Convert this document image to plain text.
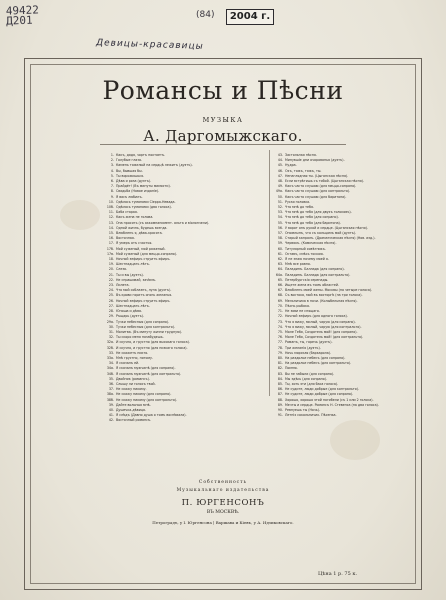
49422
Д201	(84)	2004 г.
Девицы-красавицы
Романсы и Пѣсни
МУЗЫКА
А. Даргомыжскаго.
1. Какъ, дядя, чортъ ноктаетъ.
2. Голубые глаза.
3. Камень тяжелый на сердцѣ лежитъ (дуэтъ).
4. Вы, бывшая бы.
5. Ты ворожишься.
6. Дѣва и роза (дуэтъ).
7. Прайдёт! (Въ минуты мимости).
8. Свадьба (Новое изданіе).
9. Я васъ любилъ.
10. Одѣлась туманами Сіерра-Невада.
10б. Одѣлась туманами (два голоса).
11. Баба старая.
12. Какъ жена не голова.
13. Она просить (съ аккомпанимент. альта и віолончели).
14. Одной жизнь, будешь всегда.
15. Влюбленъ я, дѣва-красота.
16. Восточная.
17. Я умеръ отъ счастья.
17б. Мой суженый, мой ряженый.
17в. Мой суженый (для меццо-сопрано).
18. Ночной зефиръ струитъ эфиръ.
19. Шестнадцать лѣтъ.
20. Слеза.
21. Ты и вы (дуэтъ).
22. Не спрашивай, зачѣмъ.
23. Лилета.
24. Что мой соблазнъ, луна (дуэтъ).
25. Въ крови горитъ огонь желанья.
26. Ночной зефиръ струитъ эфиръ.
27. Шестнадцать лѣтъ.
28. Юноша и дѣва.
29. Ръщарь (дуэтъ).
29а. Тучки небесныя (для сопрано).
30. Тучки небесныя (для контральто).
31. Молитва. (Въ минуту жизни трудную).
32. Ты скоро меня позабудешь.
32а. И скучно, и грустно (для высокаго голоса).
32б. И скучно, и грустно (для низкаго голоса).
33. Не скажетъ никто.
33а. Мнѣ грустно, потому.
34. Я сказалъ ей.
34а. Я сказалъ мужчинѣ (для сопрано).
34б. Я сказалъ мужчинѣ (для контральто).
35. Двойник (романсъ).
36. Слышу ли голосъ твой.
37. Не скажу никому.
38а. Не скажу никому (для сопрано).
38б. Не скажу никому (для контральто).
39. Дайте вольныя мнѣ.
40. Душечка-дѣвица.
41. Я слѣдъ (Давно душа о томъ воспѣвала).
42. Восточный романсъ.
43. Застольная пѣсня.
44. Минувшіе дни очарованья (дуэтъ).
45. Нудра.
46. Охъ, тяжъ, тяжъ, ты.
47. Ненаглядная ты. (Цыганская пѣсня).
48. Если встрѣтишь съ тобой. (Цыганская пѣсня).
49. Какъ часто слушаю (для меццо-сопрано).
49а. Какъ часто слушаю (для контральто).
50. Какъ часто слушаю (для баритона).
51. Русая головка.
52. Что мнѣ до тебя.
53. Что мнѣ до тебя (для двухъ голосовъ).
54. Что мнѣ до тебя (для сопрано).
55. Что мнѣ до тебя (для баритона).
56. У ворот онъ рукой и сердце. (Цыганская пѣсня).
57. Ономлынъ, что съ кольцомъ мой (дуэтъ).
58. Старый капралъ. (Драматическая пѣсня) (Нов. изд.).
59. Червякъ. (Комическая пѣсня).
60. Титулярный совѣтникъ.
61. Оставъ, смѣсь тоскою.
62. Я не знаю почему моей я.
63. Мнѣ все равно.
64. Паладинъ. Баллада (для сопрано).
64а. Паладинъ. Баллада (для контральто).
65. Петербургскія серенады.
66. Ищете жена въ томъ областей.
67. Влюбленъ моей жены. Москвы (на четыре голоса).
68. Съ востока, мой въ восторгѣ (на три голоса).
69. Мельничиха в ночи. (Колыбельная пѣсня).
70. Пѣснь рыбака.
71. Не зови не спящаго.
72. Ночной зефиръ (для одного голоса).
73. Что я вижу, милый, чарую (для сопрано).
74. Что я вижу, милый, чарую (для контральто).
75. Моле Тебя, Создатель мой! (для сопрано).
76. Моле Тебя, Создатель мой! (для контральто).
77. Романъ, ты, горечь (дуэтъ).
78. Три желанія (дуэтъ).
79. Ночь морская (баркарола).
80. На раздолье небесъ (для сопрано).
81. На раздолье небесъ (для контральто).
82. Помню.
83. Вы не забыли (для сопрано).
84. Мы здѣсь (для сопрано).
85. Ты, хоть эти (для баса голоса).
86. Не судите, люди добрые (для контральто).
87. Не судите, люди добрые (для сопрано).
88. Хорошо, хорошо этой погибели (съ 1 или 2 голоса).
89. Мечты и сердце. Романсъ Н. Стевенса (на два голоса).
90. Ревнуешь ты (Ночь).
91. Летніх сокольничих. Пѣсенка.
Собственность
Музыкальнаго издательства
П. ЮРГЕНСОНЪ
ВЪ МОСКВѢ.
Петроградъ, у I. Юргенсона | Варшава и Кіевъ, у А. Идзиковскаго.
Цѣна 1 р. 75 к.
